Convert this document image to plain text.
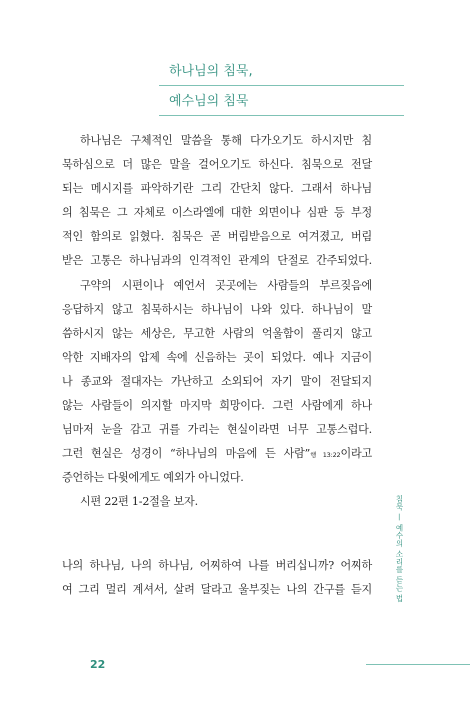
하나님의 침묵,
예수님의 침묵
하나님은 구체적인 말씀을 통해 다가오기도 하시지만 침
묵하심으로 더 많은 말을 걸어오기도 하신다. 침묵으로 전달
되는 메시지를 파악하기란 그리 간단치 않다. 그래서 하나님
의 침묵은 그 자체로 이스라엘에 대한 외면이나 심판 등 부정
적인 함의로 읽혔다. 침묵은 곧 버림받음으로 여겨졌고, 버림
받은 고통은 하나님과의 인격적인 관계의 단절로 간주되었다.
구약의 시편이나 예언서 곳곳에는 사람들의 부르짖음에
응답하지 않고 침묵하시는 하나님이 나와 있다. 하나님이 말
씀하시지 않는 세상은, 무고한 사람의 억울함이 풀리지 않고
악한 지배자의 압제 속에 신음하는 곳이 되었다. 예나 지금이
나 종교와 절대자는 가난하고 소외되어 자기 말이 전달되지
않는 사람들이 의지할 마지막 희망이다. 그런 사람에게 하나
님마저 눈을 감고 귀를 가리는 현실이라면 너무 고통스럽다.
그런 현실은 성경이 “하나님의 마음에 든 사람”행 13:22이라고
증언하는 다윗에게도 예외가 아니었다.
시편 22편 1-2절을 보자.
나의 하나님, 나의 하나님, 어찌하여 나를 버리십니까? 어찌하
여 그리 멀리 계셔서, 살려 달라고 울부짖는 나의 간구를 듣지	침묵 — 예수의 소리를 듣는 법
22
